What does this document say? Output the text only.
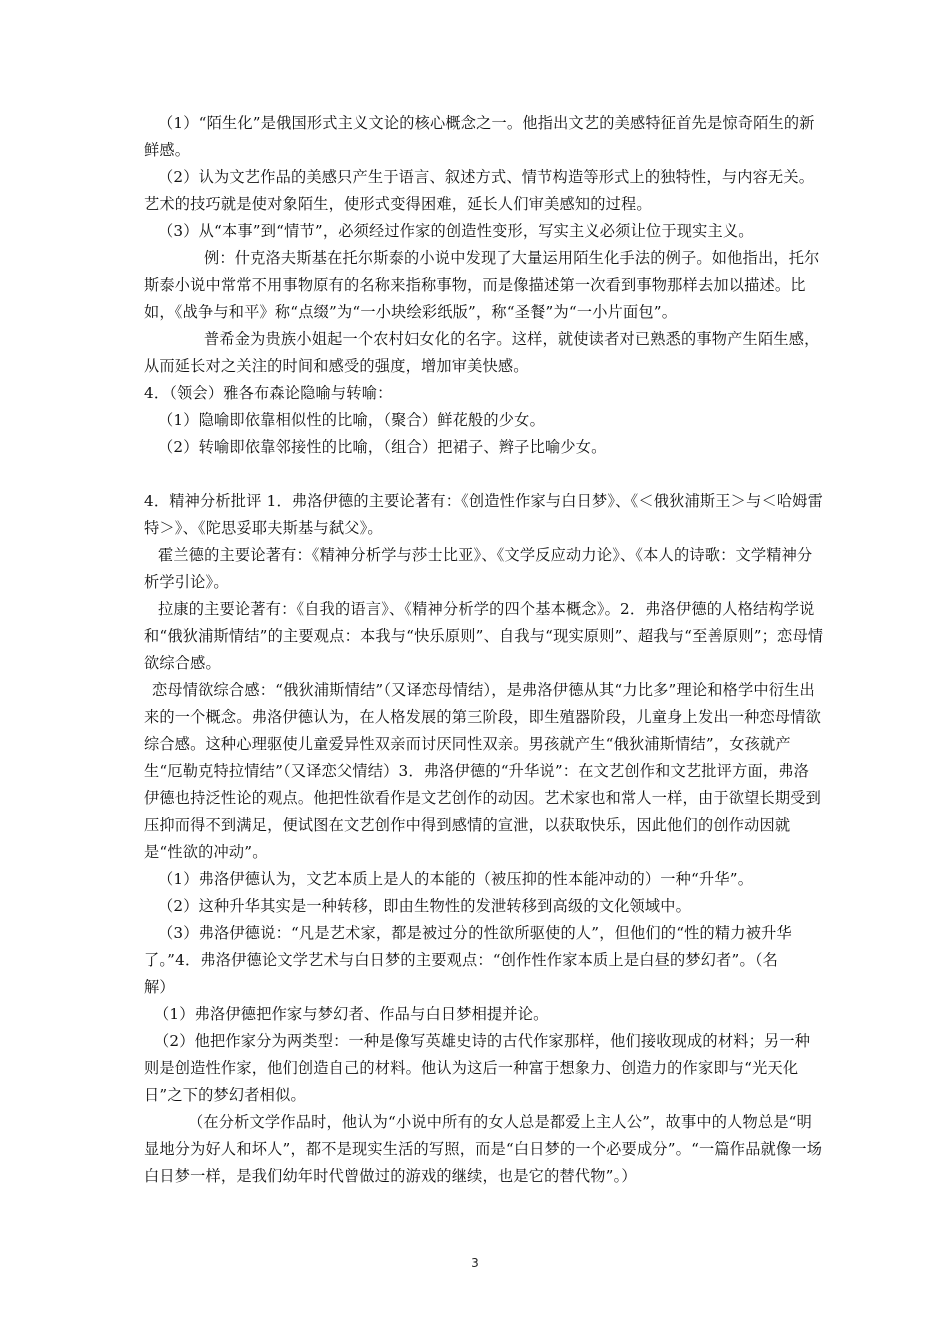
（1）“陌生化”是俄国形式主义文论的核心概念之一。他指出文艺的美感特征首先是惊奇陌生的新鲜感。

（2）认为文艺作品的美感只产生于语言、叙述方式、情节构造等形式上的独特性，与内容无关。艺术的技巧就是使对象陌生，使形式变得困难，延长人们审美感知的过程。

（3）从“本事”到“情节”，必须经过作家的创造性变形，写实主义必须让位于现实主义。

例：什克洛夫斯基在托尔斯泰的小说中发现了大量运用陌生化手法的例子。如他指出，托尔斯泰小说中常常不用事物原有的名称来指称事物，而是像描述第一次看到事物那样去加以描述。比如，《战争与和平》称“点缀”为“一小块绘彩纸版”，称“圣餐”为“一小片面包”。

普希金为贵族小姐起一个农村妇女化的名字。这样，就使读者对已熟悉的事物产生陌生感，从而延长对之关注的时间和感受的强度，增加审美快感。

4．（领会）雅各布森论隐喻与转喻：

（1）隐喻即依靠相似性的比喻，（聚合）鲜花般的少女。

（2）转喻即依靠邻接性的比喻，（组合）把裙子、辫子比喻少女。

4．精神分析批评 1．弗洛伊德的主要论著有：《创造性作家与白日梦》、《＜俄狄浦斯王＞与＜哈姆雷特＞》、《陀思妥耶夫斯基与弑父》。

霍兰德的主要论著有：《精神分析学与莎士比亚》、《文学反应动力论》、《本人的诗歌：文学精神分析学引论》。

拉康的主要论著有：《自我的语言》、《精神分析学的四个基本概念》。2．弗洛伊德的人格结构学说和“俄狄浦斯情结”的主要观点：本我与“快乐原则”、自我与“现实原则”、超我与“至善原则”；恋母情欲综合感。

恋母情欲综合感：“俄狄浦斯情结”（又译恋母情结），是弗洛伊德从其“力比多”理论和格学中衍生出来的一个概念。弗洛伊德认为，在人格发展的第三阶段，即生殖器阶段，儿童身上发出一种恋母情欲综合感。这种心理驱使儿童爱异性双亲而讨厌同性双亲。男孩就产生“俄狄浦斯情结”，女孩就产生“厄勒克特拉情结”（又译恋父情结）3．弗洛伊德的“升华说”：在文艺创作和文艺批评方面，弗洛伊德也持泛性论的观点。他把性欲看作是文艺创作的动因。艺术家也和常人一样，由于欲望长期受到压抑而得不到满足，便试图在文艺创作中得到感情的宣泄，以获取快乐，因此他们的创作动因就是“性欲的冲动”。

（1）弗洛伊德认为，文艺本质上是人的本能的（被压抑的性本能冲动的）一种“升华”。

（2）这种升华其实是一种转移，即由生物性的发泄转移到高级的文化领域中。

（3）弗洛伊德说：“凡是艺术家，都是被过分的性欲所驱使的人”，但他们的“性的精力被升华了。”4．弗洛伊德论文学艺术与白日梦的主要观点：“创作性作家本质上是白昼的梦幻者”。（名

解）

（1）弗洛伊德把作家与梦幻者、作品与白日梦相提并论。

（2）他把作家分为两类型：一种是像写英雄史诗的古代作家那样，他们接收现成的材料；另一种则是创造性作家，他们创造自己的材料。他认为这后一种富于想象力、创造力的作家即与“光天化日”之下的梦幻者相似。

（在分析文学作品时，他认为“小说中所有的女人总是都爱上主人公”，故事中的人物总是“明显地分为好人和坏人”，都不是现实生活的写照，而是“白日梦的一个必要成分”。“一篇作品就像一场白日梦一样，是我们幼年时代曾做过的游戏的继续，也是它的替代物”。）

3
